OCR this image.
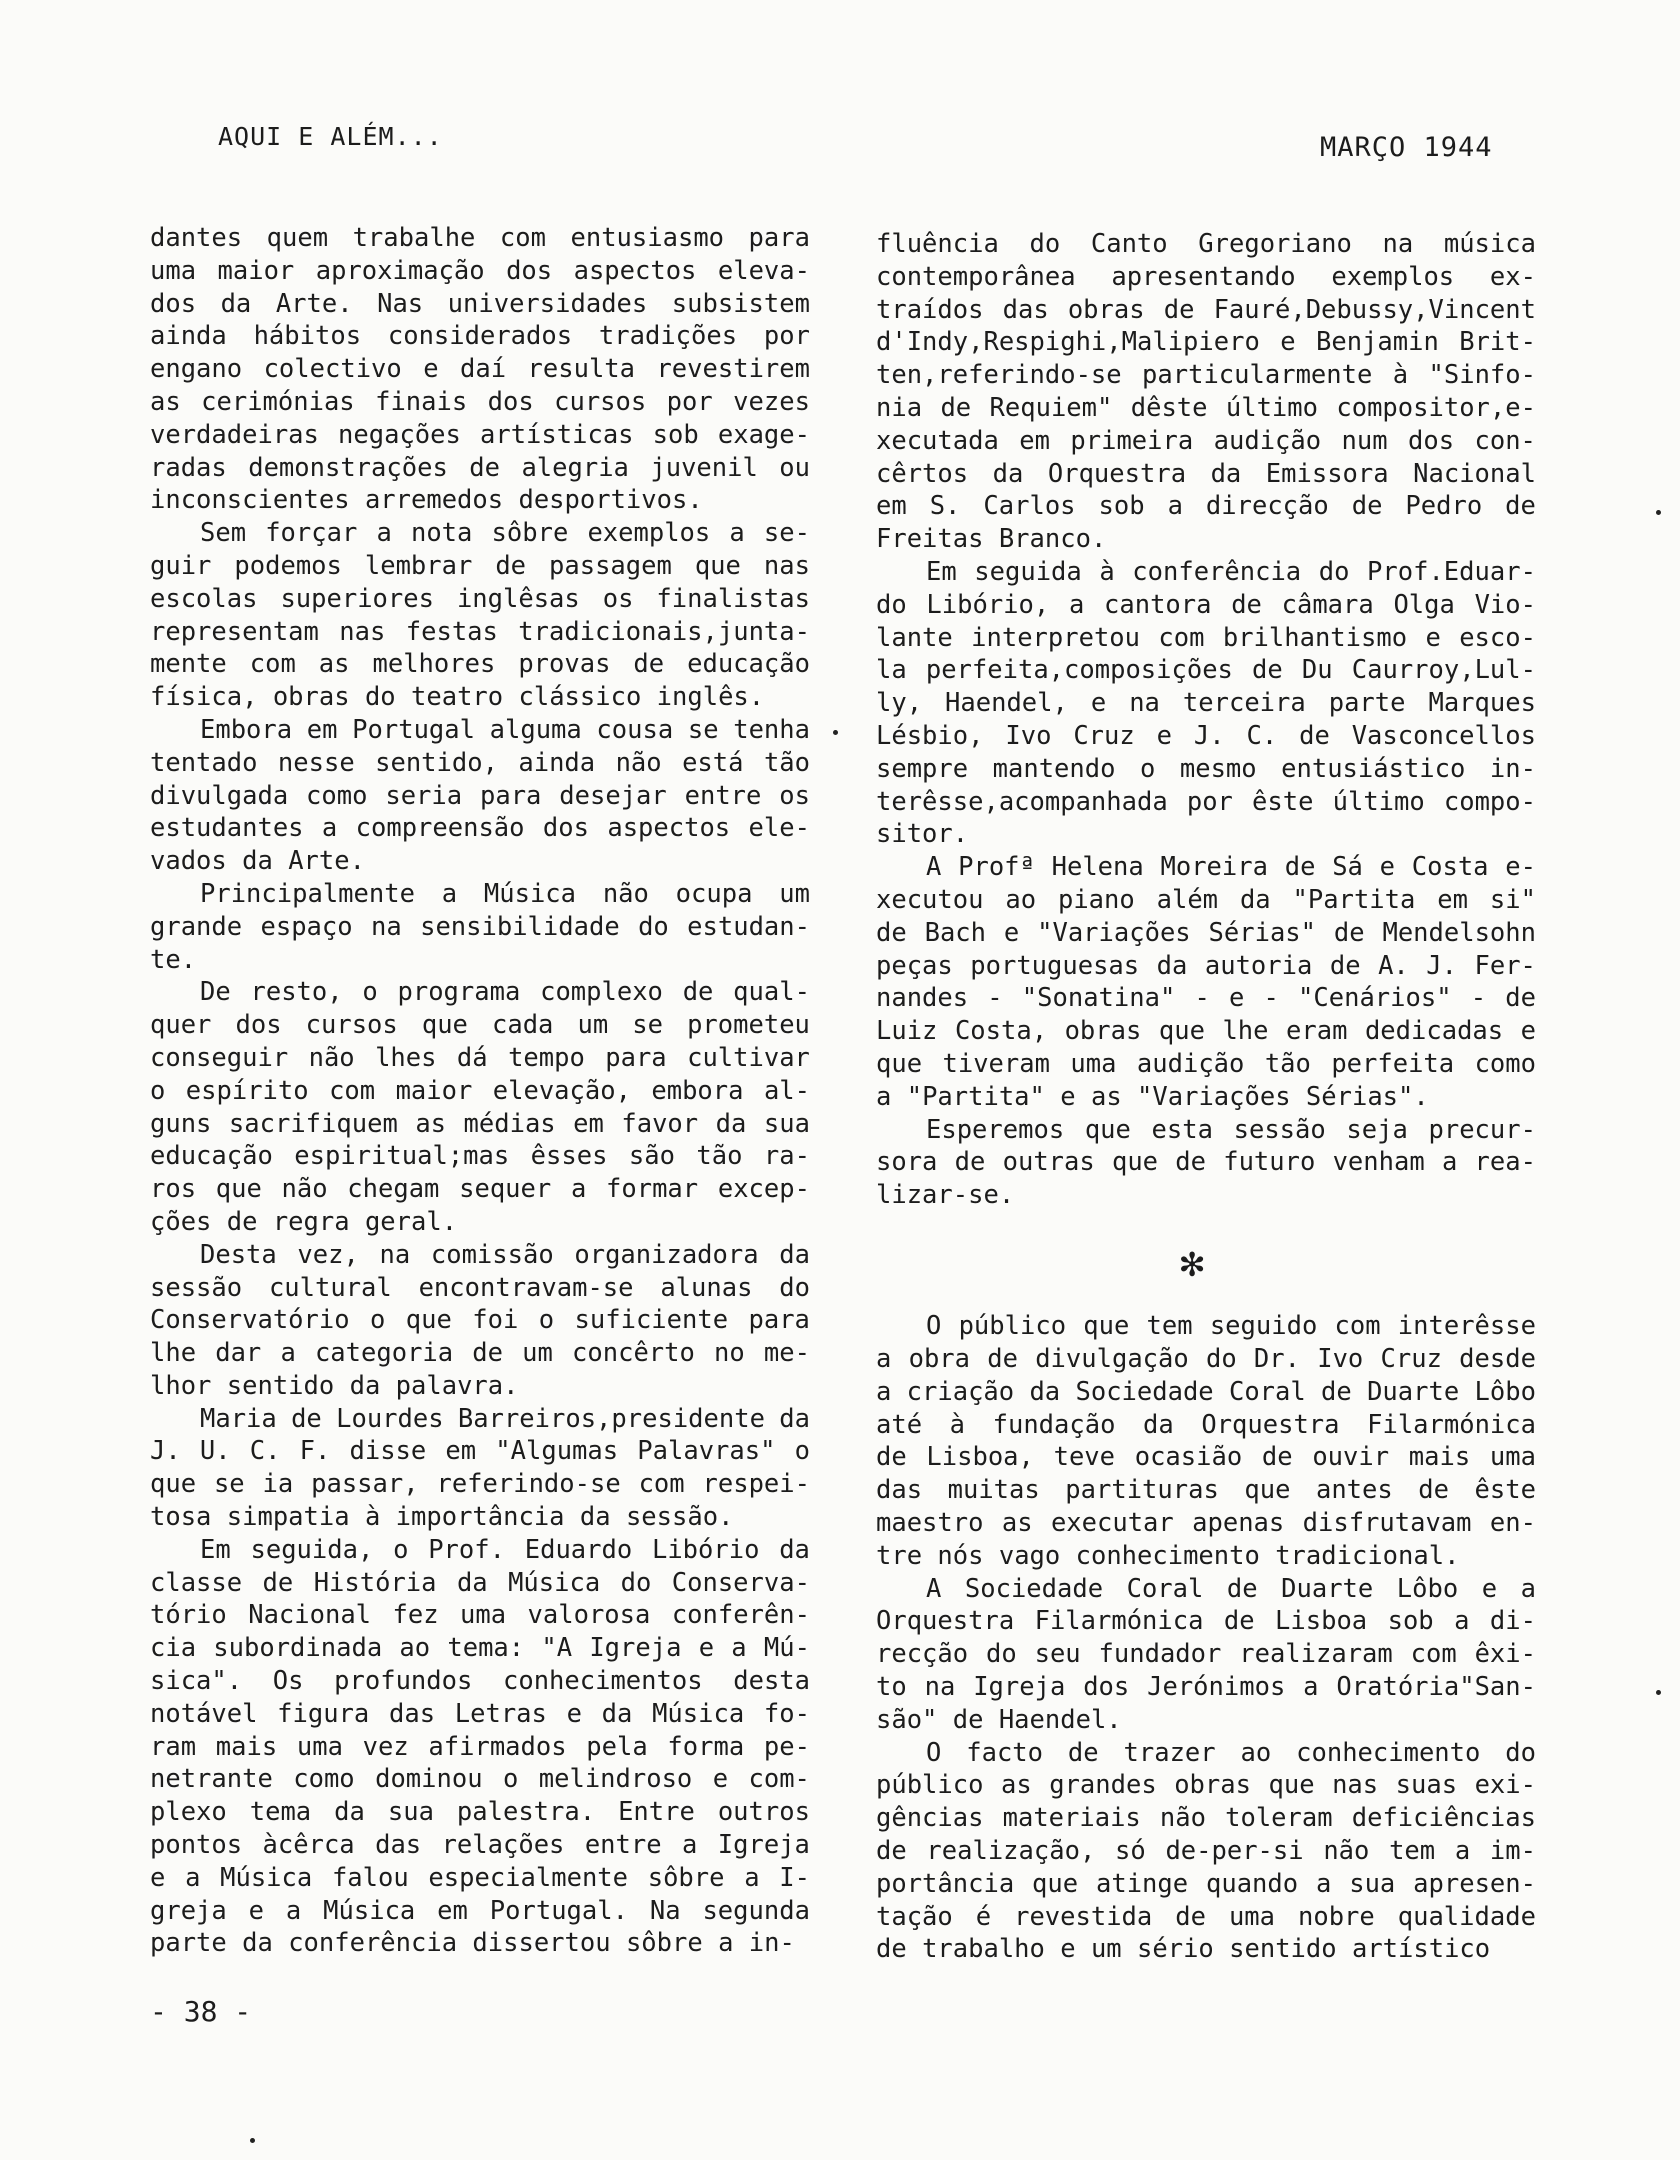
AQUI E ALÉM...	MARÇO 1944
dantes quem trabalhe com entusiasmo para
uma maior aproximação dos aspectos eleva-
dos da Arte. Nas universidades subsistem
ainda hábitos considerados tradições por
engano colectivo e daí resulta revestirem
as cerimónias finais dos cursos por vezes
verdadeiras negações artísticas sob exage-
radas demonstrações de alegria juvenil ou
inconscientes arremedos desportivos.
Sem forçar a nota sôbre exemplos a se-
guir podemos lembrar de passagem que nas
escolas superiores inglêsas os finalistas
representam nas festas tradicionais,junta-
mente com as melhores provas de educação
física, obras do teatro clássico inglês.
Embora em Portugal alguma cousa se tenha
tentado nesse sentido, ainda não está tão
divulgada como seria para desejar entre os
estudantes a compreensão dos aspectos ele-
vados da Arte.
Principalmente a Música não ocupa um
grande espaço na sensibilidade do estudan-
te.
De resto, o programa complexo de qual-
quer dos cursos que cada um se prometeu
conseguir não lhes dá tempo para cultivar
o espírito com maior elevação, embora al-
guns sacrifiquem as médias em favor da sua
educação espiritual;mas êsses são tão ra-
ros que não chegam sequer a formar excep-
ções de regra geral.
Desta vez, na comissão organizadora da
sessão cultural encontravam-se alunas do
Conservatório o que foi o suficiente para
lhe dar a categoria de um concêrto no me-
lhor sentido da palavra.
Maria de Lourdes Barreiros,presidente da
J. U. C. F. disse em "Algumas Palavras" o
que se ia passar, referindo-se com respei-
tosa simpatia à importância da sessão.
Em seguida, o Prof. Eduardo Libório da
classe de História da Música do Conserva-
tório Nacional fez uma valorosa conferên-
cia subordinada ao tema: "A Igreja e a Mú-
sica". Os profundos conhecimentos desta
notável figura das Letras e da Música fo-
ram mais uma vez afirmados pela forma pe-
netrante como dominou o melindroso e com-
plexo tema da sua palestra. Entre outros
pontos àcêrca das relações entre a Igreja
e a Música falou especialmente sôbre a I-
greja e a Música em Portugal. Na segunda
parte da conferência dissertou sôbre a in-
fluência do Canto Gregoriano na música
contemporânea apresentando exemplos ex-
traídos das obras de Fauré,Debussy,Vincent
d'Indy,Respighi,Malipiero e Benjamin Brit-
ten,referindo-se particularmente à "Sinfo-
nia de Requiem" dêste último compositor,e-
xecutada em primeira audição num dos con-
cêrtos da Orquestra da Emissora Nacional
em S. Carlos sob a direcção de Pedro de
Freitas Branco.
Em seguida à conferência do Prof.Eduar-
do Libório, a cantora de câmara Olga Vio-
lante interpretou com brilhantismo e esco-
la perfeita,composições de Du Caurroy,Lul-
ly, Haendel, e na terceira parte Marques
Lésbio, Ivo Cruz e J. C. de Vasconcellos
sempre mantendo o mesmo entusiástico in-
terêsse,acompanhada por êste último compo-
sitor.
A Profª Helena Moreira de Sá e Costa e-
xecutou ao piano além da "Partita em si"
de Bach e "Variações Sérias" de Mendelsohn
peças portuguesas da autoria de A. J. Fer-
nandes - "Sonatina" - e - "Cenários" - de
Luiz Costa, obras que lhe eram dedicadas e
que tiveram uma audição tão perfeita como
a "Partita" e as "Variações Sérias".
Esperemos que esta sessão seja precur-
sora de outras que de futuro venham a rea-
lizar-se.
O público que tem seguido com interêsse
a obra de divulgação do Dr. Ivo Cruz desde
a criação da Sociedade Coral de Duarte Lôbo
até à fundação da Orquestra Filarmónica
de Lisboa, teve ocasião de ouvir mais uma
das muitas partituras que antes de êste
maestro as executar apenas disfrutavam en-
tre nós vago conhecimento tradicional.
A Sociedade Coral de Duarte Lôbo e a
Orquestra Filarmónica de Lisboa sob a di-
recção do seu fundador realizaram com êxi-
to na Igreja dos Jerónimos a Oratória"San-
são" de Haendel.
O facto de trazer ao conhecimento do
público as grandes obras que nas suas exi-
gências materiais não toleram deficiências
de realização, só de-per-si não tem a im-
portância que atinge quando a sua apresen-
tação é revestida de uma nobre qualidade
de trabalho e um sério sentido artístico
✻
- 38 -
